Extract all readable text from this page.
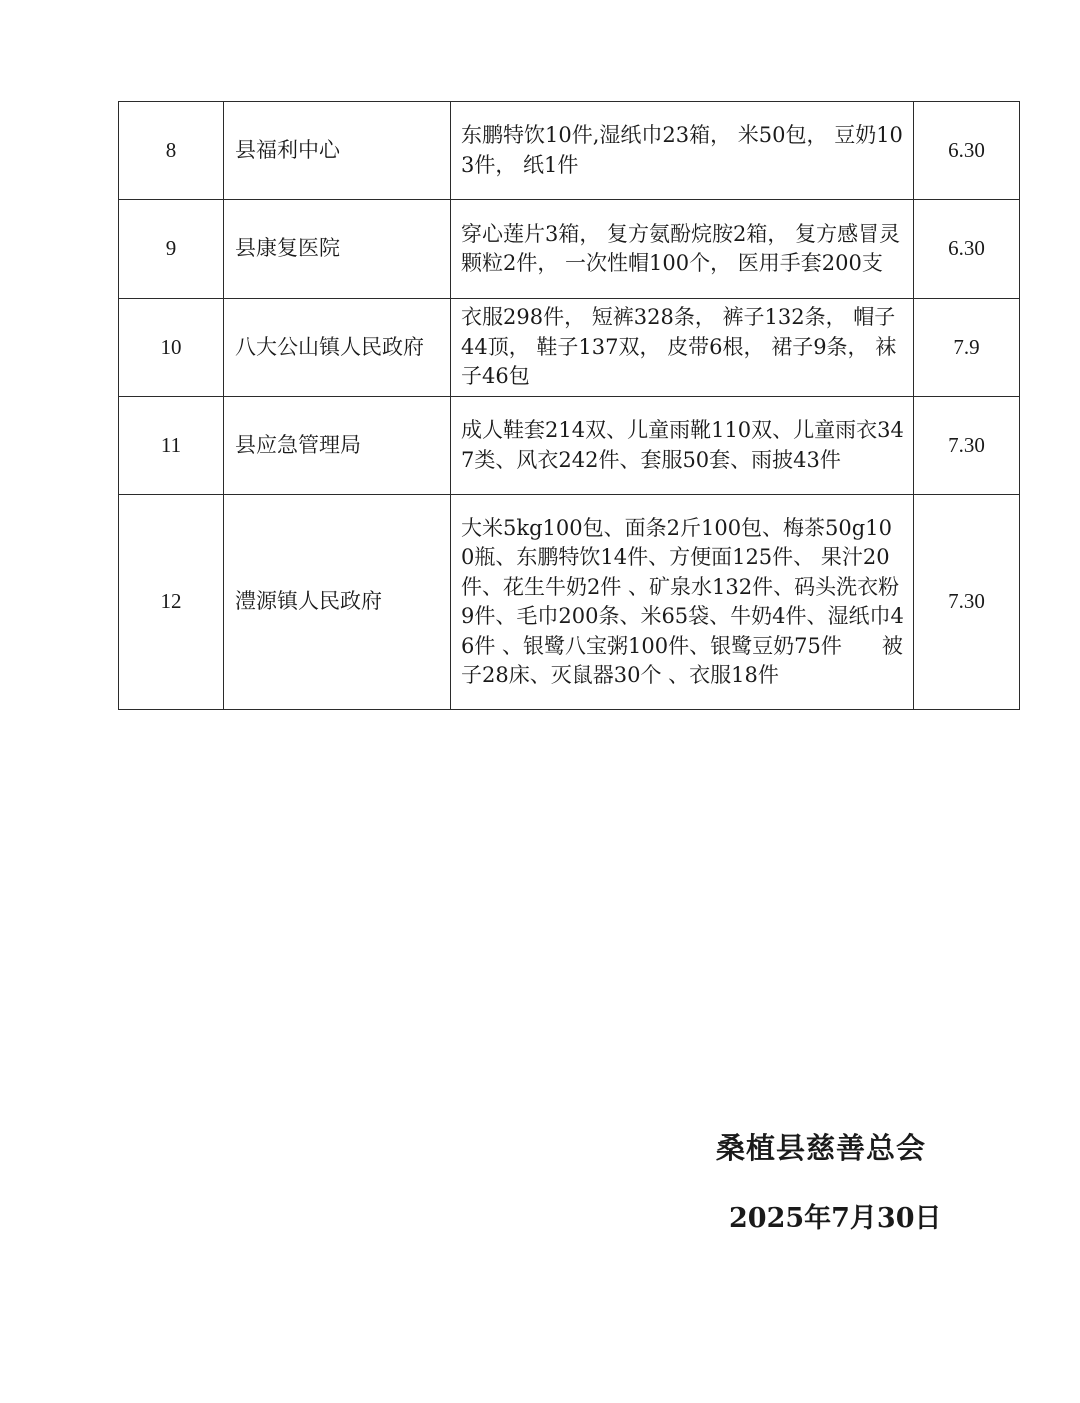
8	县福利中心	东鹏特饮10件,湿纸巾23箱， 米50包， 豆奶103件， 纸1件	6.30
9	县康复医院	穿心莲片3箱， 复方氨酚烷胺2箱， 复方感冒灵颗粒2件， 一次性帽100个， 医用手套200支	6.30
10	八大公山镇人民政府	衣服298件， 短裤328条， 裤子132条， 帽子44顶， 鞋子137双， 皮带6根， 裙子9条， 袜子46包	7.9
11	县应急管理局	成人鞋套214双、儿童雨靴110双、儿童雨衣347类、风衣242件、套服50套、雨披43件	7.30
12	澧源镇人民政府	大米5kg100包、面条2斤100包、梅茶50g100瓶、东鹏特饮14件、方便面125件、 果汁20件、花生牛奶2件 、矿泉水132件、码头洗衣粉9件、毛巾200条、米65袋、牛奶4件、湿纸巾46件 、银鹭八宝粥100件、银鹭豆奶75件      被子28床、灭鼠器30个 、衣服18件	7.30
桑植县慈善总会
2025年7月30日
